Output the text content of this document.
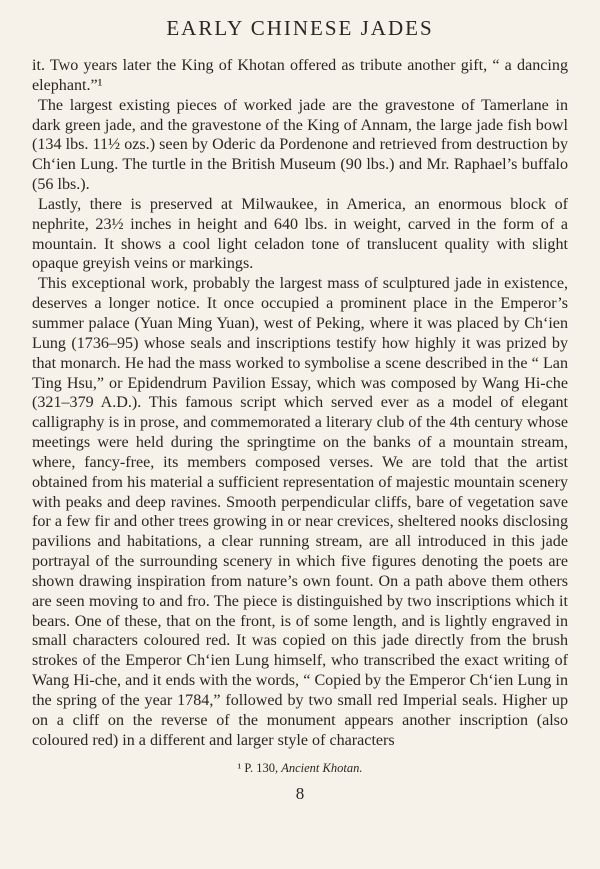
EARLY CHINESE JADES

it. Two years later the King of Khotan offered as tribute another gift, “ a dancing elephant.”¹

The largest existing pieces of worked jade are the gravestone of Tamerlane in dark green jade, and the gravestone of the King of Annam, the large jade fish bowl (134 lbs. 11½ ozs.) seen by Oderic da Pordenone and retrieved from destruction by Ch‘ien Lung. The turtle in the British Museum (90 lbs.) and Mr. Raphael’s buffalo (56 lbs.).

Lastly, there is preserved at Milwaukee, in America, an enormous block of nephrite, 23½ inches in height and 640 lbs. in weight, carved in the form of a mountain. It shows a cool light celadon tone of translucent quality with slight opaque greyish veins or markings.

This exceptional work, probably the largest mass of sculptured jade in existence, deserves a longer notice. It once occupied a prominent place in the Emperor’s summer palace (Yuan Ming Yuan), west of Peking, where it was placed by Ch‘ien Lung (1736–95) whose seals and inscriptions testify how highly it was prized by that monarch. He had the mass worked to symbolise a scene described in the “ Lan Ting Hsu,” or Epidendrum Pavilion Essay, which was composed by Wang Hi-che (321–379 A.D.). This famous script which served ever as a model of elegant calligraphy is in prose, and commemorated a literary club of the 4th century whose meetings were held during the springtime on the banks of a mountain stream, where, fancy-free, its members composed verses. We are told that the artist obtained from his material a sufficient representation of majestic mountain scenery with peaks and deep ravines. Smooth perpendicular cliffs, bare of vegetation save for a few fir and other trees growing in or near crevices, sheltered nooks disclosing pavilions and habitations, a clear running stream, are all introduced in this jade portrayal of the surrounding scenery in which five figures denoting the poets are shown drawing inspiration from nature’s own fount. On a path above them others are seen moving to and fro. The piece is distinguished by two inscriptions which it bears. One of these, that on the front, is of some length, and is lightly engraved in small characters coloured red. It was copied on this jade directly from the brush strokes of the Emperor Ch‘ien Lung himself, who transcribed the exact writing of Wang Hi-che, and it ends with the words, “ Copied by the Emperor Ch‘ien Lung in the spring of the year 1784,” followed by two small red Imperial seals. Higher up on a cliff on the reverse of the monument appears another inscription (also coloured red) in a different and larger style of characters

¹ P. 130, Ancient Khotan.
8
